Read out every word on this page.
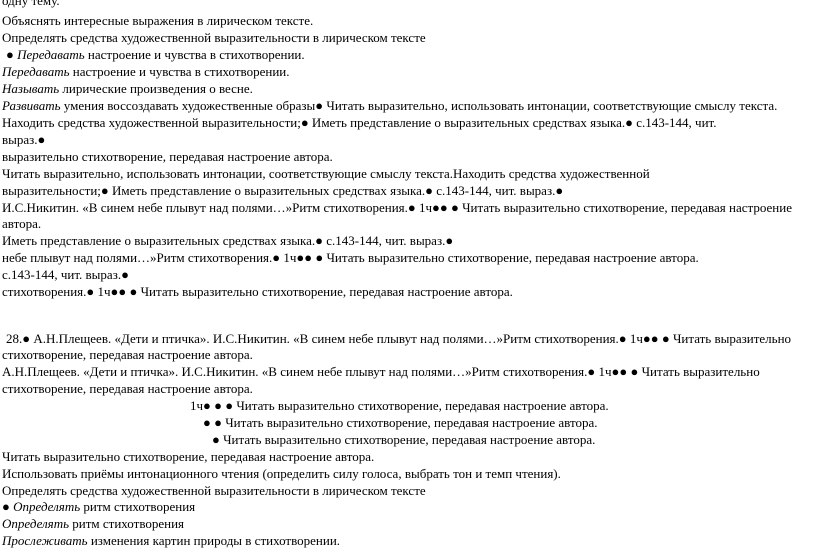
одну тему.
Объяснять интересные выражения в лирическом тексте.
Определять средства художественной выразительности в лирическом тексте
● Передавать настроение и чувства в стихотворении.
Передавать настроение и чувства в стихотворении.
Называть лирические произведения о весне.
Развивать умения воссоздавать художественные образы● Читать выразительно, использовать интонации, соответствующие смыслу текста.
Находить средства художественной выразительности;● Иметь представление о выразительных средствах языка.● с.143-144, чит.
выраз.●
выразительно стихотворение, передавая настроение автора.
Читать выразительно, использовать интонации, соответствующие смыслу текста.Находить средства художественной
выразительности;● Иметь представление о выразительных средствах языка.● с.143-144, чит. выраз.●
И.С.Никитин. «В синем небе плывут над полями…»Ритм стихотворения.● 1ч●● ● Читать выразительно стихотворение, передавая настроение
автора.
Иметь представление о выразительных средствах языка.● с.143-144, чит. выраз.●
небе плывут над полями…»Ритм стихотворения.● 1ч●● ● Читать выразительно стихотворение, передавая настроение автора.
с.143-144, чит. выраз.●
стихотворения.● 1ч●● ● Читать выразительно стихотворение, передавая настроение автора.
28.● А.Н.Плещеев. «Дети и птичка». И.С.Никитин. «В синем небе плывут над полями…»Ритм стихотворения.● 1ч●● ● Читать выразительно
стихотворение, передавая настроение автора.
А.Н.Плещеев. «Дети и птичка». И.С.Никитин. «В синем небе плывут над полями…»Ритм стихотворения.● 1ч●● ● Читать выразительно
стихотворение, передавая настроение автора.
1ч● ● ● Читать выразительно стихотворение, передавая настроение автора.
● ● Читать выразительно стихотворение, передавая настроение автора.
● Читать выразительно стихотворение, передавая настроение автора.
Читать выразительно стихотворение, передавая настроение автора.
Использовать приёмы интонационного чтения (определить силу голоса, выбрать тон и темп чтения).
Определять средства художественной выразительности в лирическом тексте
● Определять ритм стихотворения
Определять ритм стихотворения
Прослеживать изменения картин природы в стихотворении.
